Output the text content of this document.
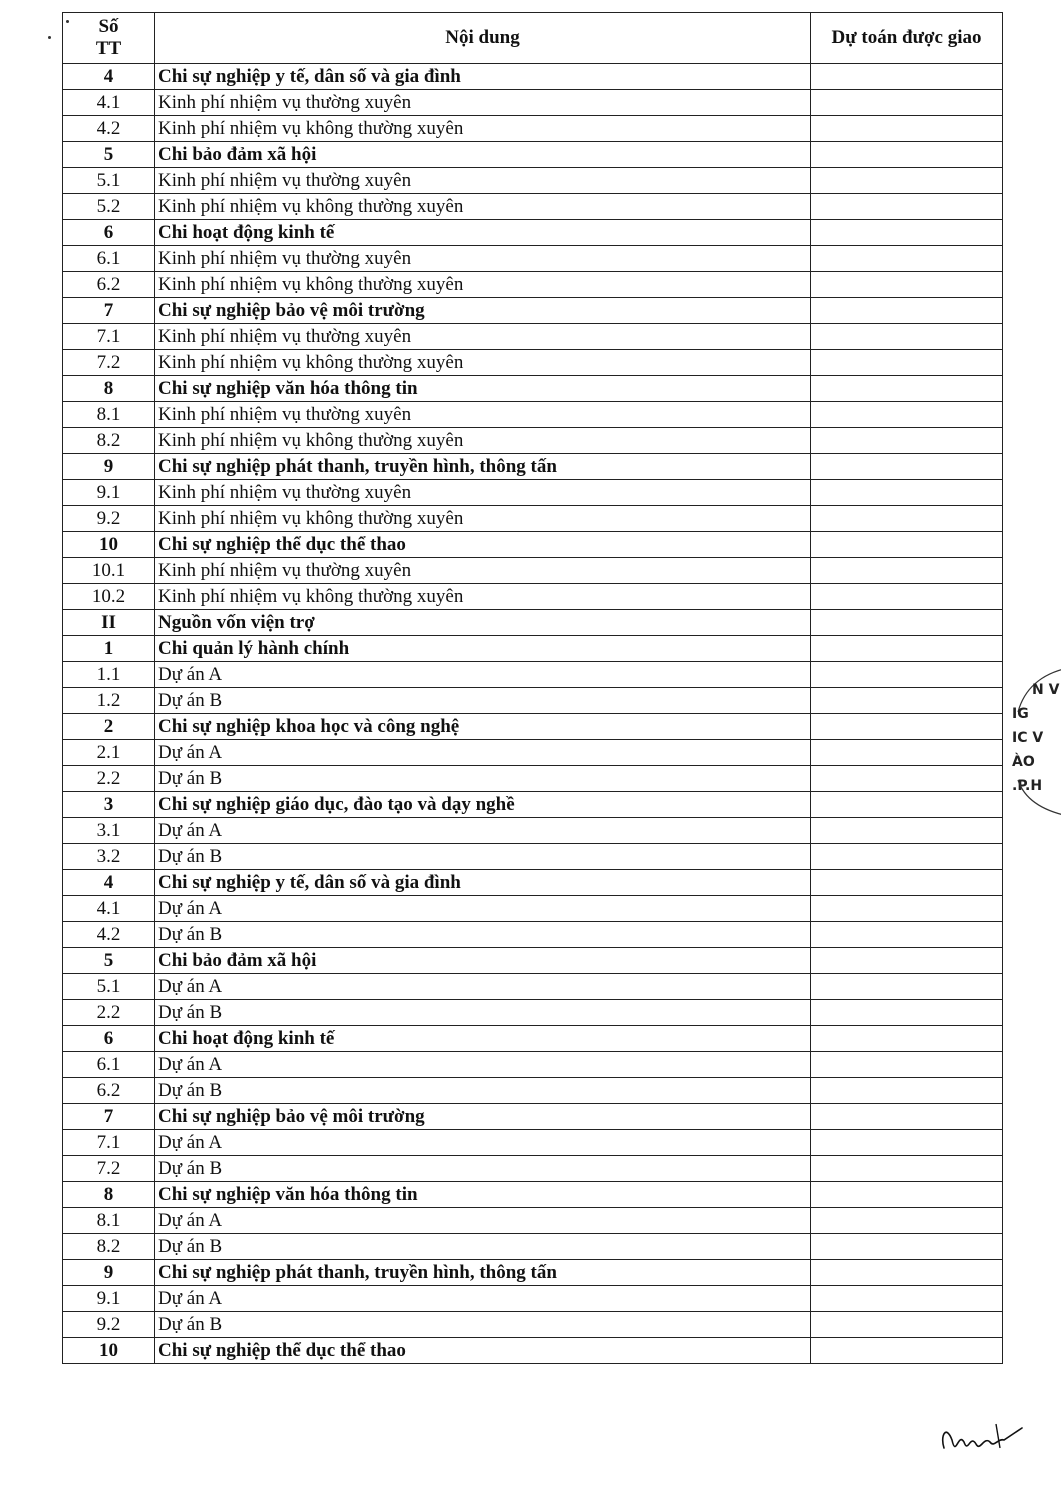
Số
TT	Nội dung	Dự toán được giao
4	Chi sự nghiệp y tế, dân số và gia đình	
4.1	Kinh phí nhiệm vụ thường xuyên	
4.2	Kinh phí nhiệm vụ không thường xuyên	
5	Chi bảo đảm xã hội	
5.1	Kinh phí nhiệm vụ thường xuyên	
5.2	Kinh phí nhiệm vụ không thường xuyên	
6	Chi hoạt động kinh tế	
6.1	Kinh phí nhiệm vụ thường xuyên	
6.2	Kinh phí nhiệm vụ không thường xuyên	
7	Chi sự nghiệp bảo vệ môi trường	
7.1	Kinh phí nhiệm vụ thường xuyên	
7.2	Kinh phí nhiệm vụ không thường xuyên	
8	Chi sự nghiệp văn hóa thông tin	
8.1	Kinh phí nhiệm vụ thường xuyên	
8.2	Kinh phí nhiệm vụ không thường xuyên	
9	Chi sự nghiệp phát thanh, truyền hình, thông tấn	
9.1	Kinh phí nhiệm vụ thường xuyên	
9.2	Kinh phí nhiệm vụ không thường xuyên	
10	Chi sự nghiệp thể dục thể thao	
10.1	Kinh phí nhiệm vụ thường xuyên	
10.2	Kinh phí nhiệm vụ không thường xuyên	
II	Nguồn vốn viện trợ	
1	Chi quản lý hành chính	
1.1	Dự án A	
1.2	Dự án B	
2	Chi sự nghiệp khoa học và công nghệ	
2.1	Dự án A	
2.2	Dự án B	
3	Chi sự nghiệp giáo dục, đào tạo và dạy nghề	
3.1	Dự án A	
3.2	Dự án B	
4	Chi sự nghiệp y tế, dân số và gia đình	
4.1	Dự án A	
4.2	Dự án B	
5	Chi bảo đảm xã hội	
5.1	Dự án A	
2.2	Dự án B	
6	Chi hoạt động kinh tế	
6.1	Dự án A	
6.2	Dự án B	
7	Chi sự nghiệp bảo vệ môi trường	
7.1	Dự án A	
7.2	Dự án B	
8	Chi sự nghiệp văn hóa thông tin	
8.1	Dự án A	
8.2	Dự án B	
9	Chi sự nghiệp phát thanh, truyền hình, thông tấn	
9.1	Dự án A	
9.2	Dự án B	
10	Chi sự nghiệp thể dục thể thao	
N V IG IC V ÀO .P.H
